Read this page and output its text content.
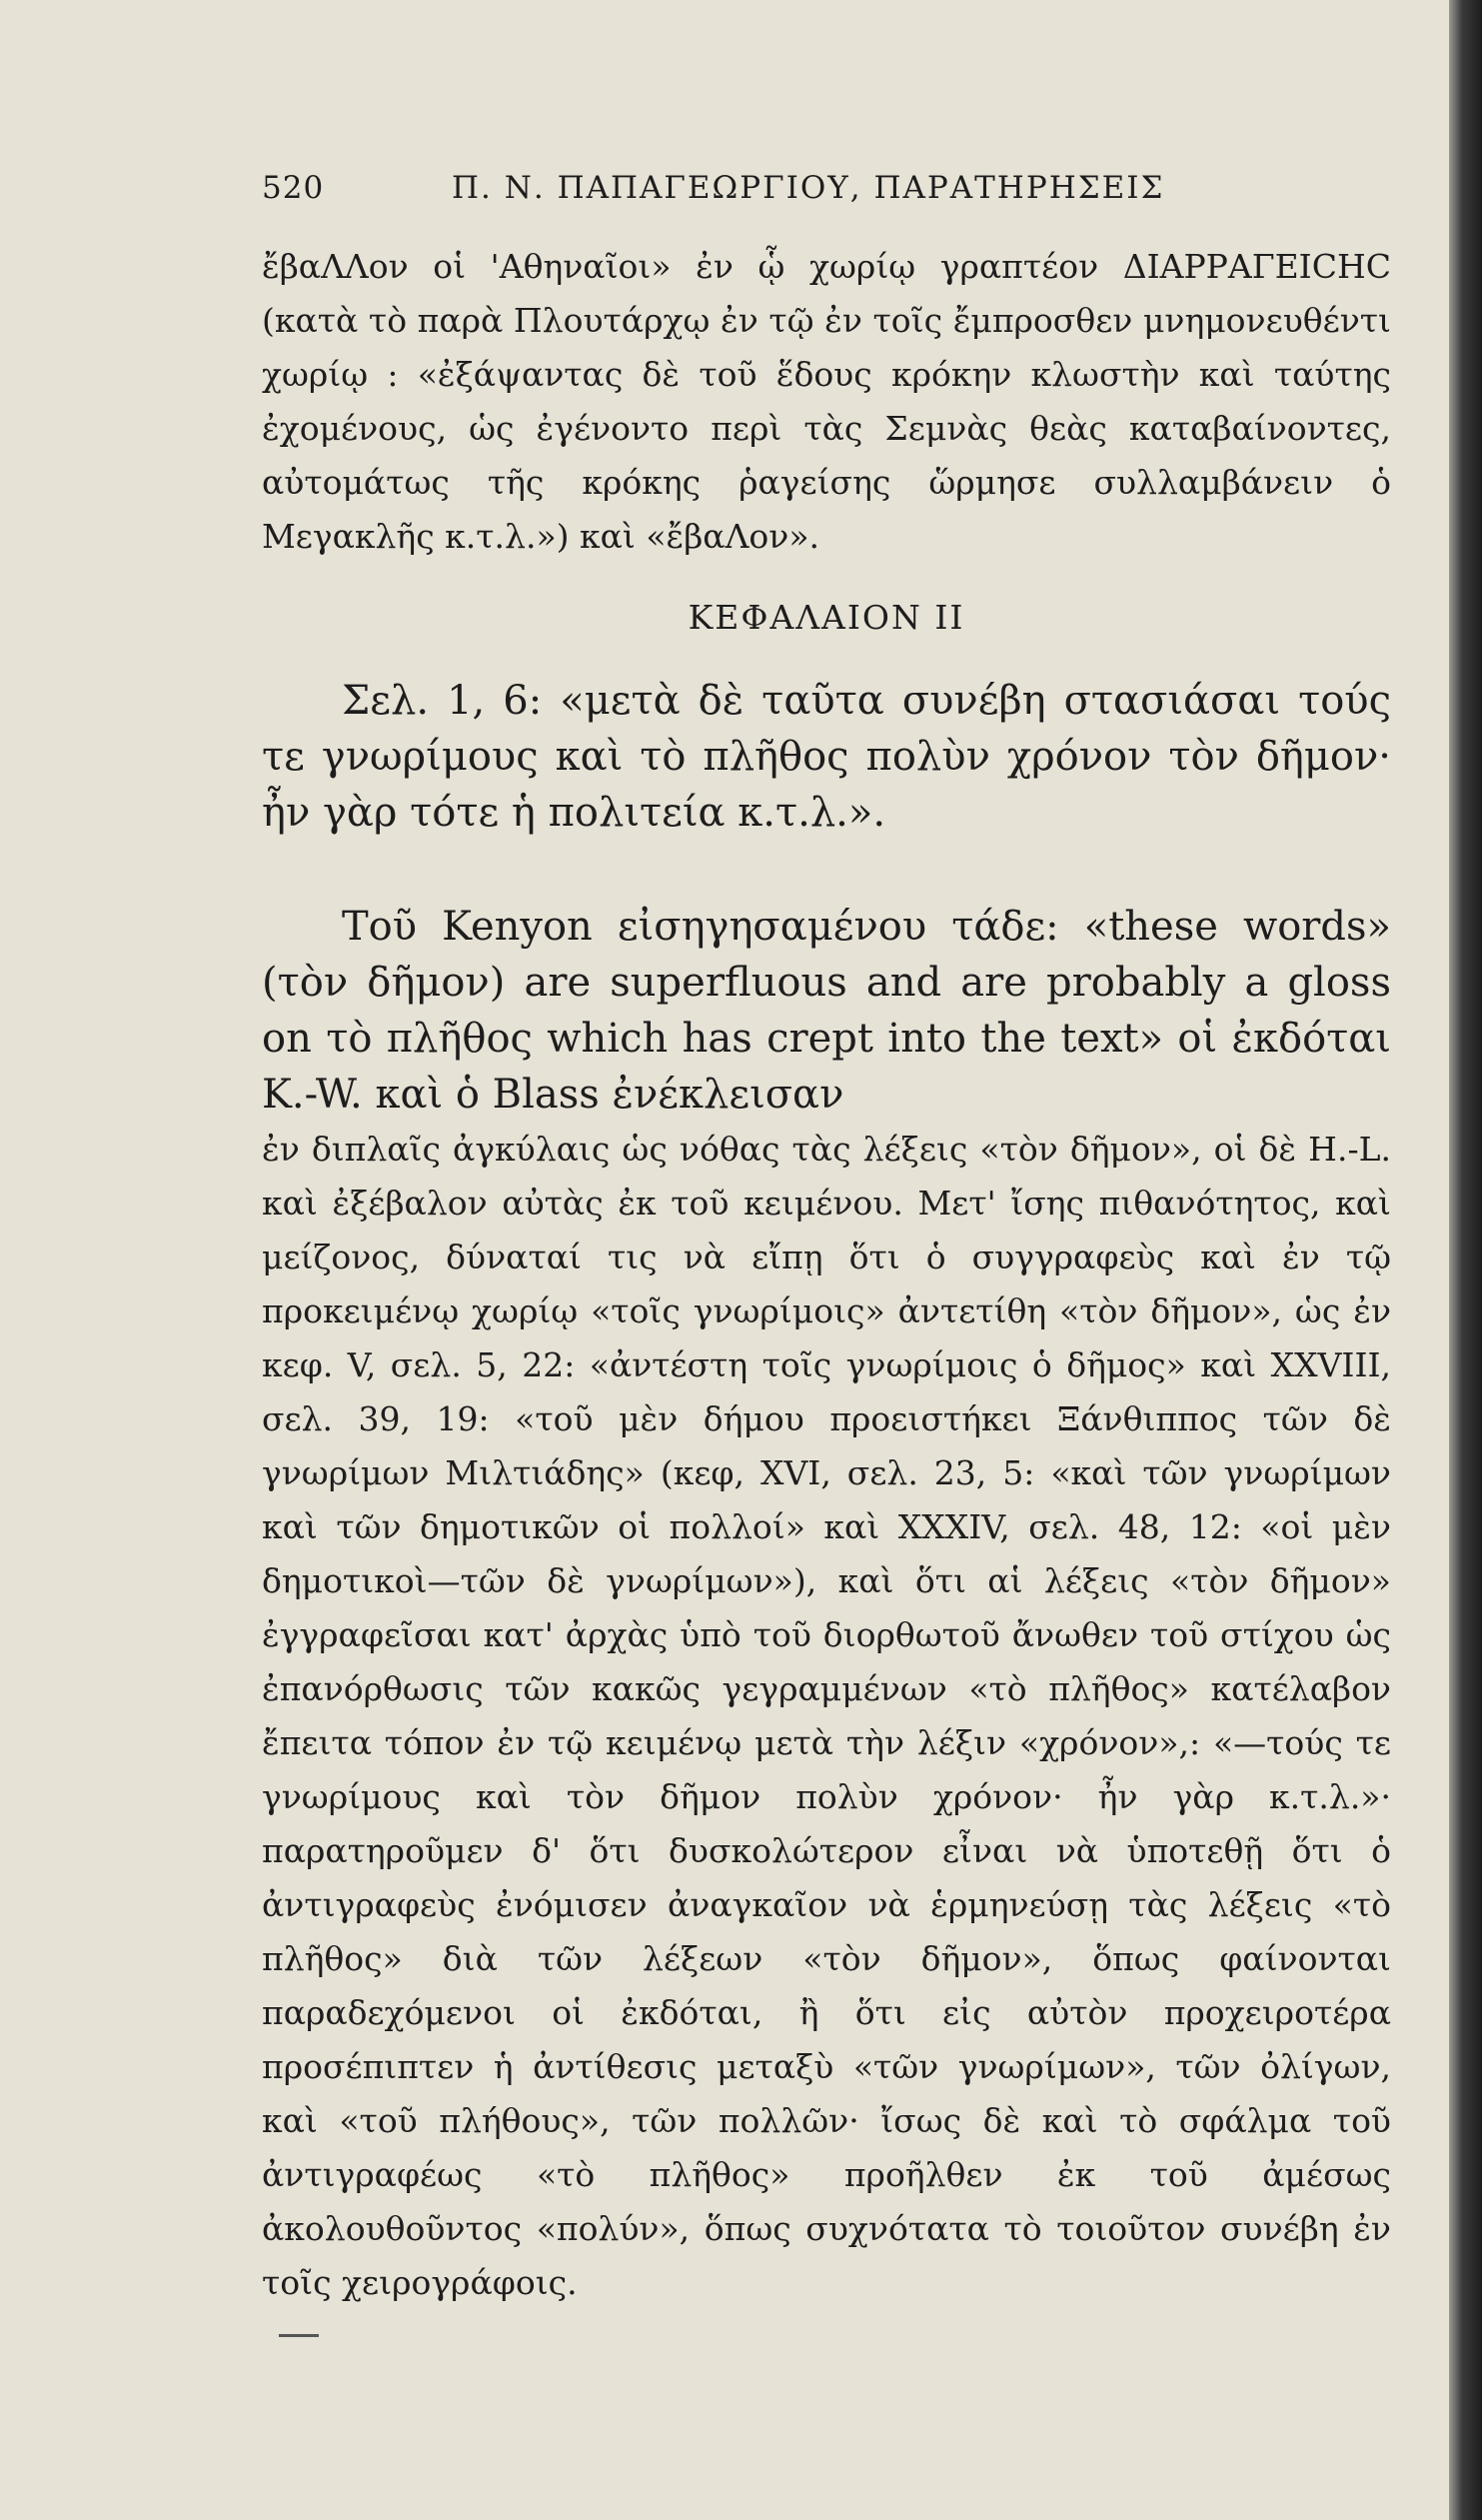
520	Π. Ν. ΠΑΠΑΓΕΩΡΓΙΟΥ, ΠΑΡΑΤΗΡΗΣΕΙΣ

ἔβαΛΛον οἱ 'Αθηναῖοι» ἐν ᾧ χωρίῳ γραπτέον ΔΙΑΡΡΑΓΕΙCHC (κατὰ τὸ παρὰ Πλουτάρχῳ ἐν τῷ ἐν τοῖς ἔμπροσθεν μνημονευθέντι χωρίῳ : «ἐξάψαντας δὲ τοῦ ἕδους κρόκην κλωστὴν καὶ ταύτης ἐχομένους, ὡς ἐγένοντο περὶ τὰς Σεμνὰς θεὰς καταβαίνοντες, αὐτομάτως τῆς κρόκης ῥαγείσης ὥρμησε συλλαμβάνειν ὁ Μεγακλῆς κ.τ.λ.») καὶ «ἔβαΛον».

ΚΕΦΑΛΑΙΟΝ ΙΙ

Σελ. 1, 6: «μετὰ δὲ ταῦτα συνέβη στασιάσαι τούς τε γνωρίμους καὶ τὸ πλῆθος πολὺν χρόνον τὸν δῆμον· ἦν γὰρ τότε ἡ πολιτεία κ.τ.λ.».

Τοῦ Kenyon εἰσηγησαμένου τάδε: «these words» (τὸν δῆμον) are superfluous and are probably a gloss on τὸ πλῆθος which has crept into the text» οἱ ἐκδόται K.-W. καὶ ὁ Blass ἐνέκλεισαν

ἐν διπλαῖς ἀγκύλαις ὡς νόθας τὰς λέξεις «τὸν δῆμον», οἱ δὲ H.-L. καὶ ἐξέβαλον αὐτὰς ἐκ τοῦ κειμένου. Μετ' ἴσης πιθανότητος, καὶ μείζονος, δύναταί τις νὰ εἴπῃ ὅτι ὁ συγγραφεὺς καὶ ἐν τῷ προκειμένῳ χωρίῳ «τοῖς γνωρίμοις» ἀντετίθη «τὸν δῆμον», ὡς ἐν κεφ. V, σελ. 5, 22: «ἀντέστη τοῖς γνωρίμοις ὁ δῆμος» καὶ XXVIII, σελ. 39, 19: «τοῦ μὲν δήμου προειστήκει Ξάνθιππος τῶν δὲ γνωρίμων Μιλτιάδης» (κεφ, XVI, σελ. 23, 5: «καὶ τῶν γνωρίμων καὶ τῶν δημοτικῶν οἱ πολλοί» καὶ XXXIV, σελ. 48, 12: «οἱ μὲν δημοτικοὶ—τῶν δὲ γνωρίμων»), καὶ ὅτι αἱ λέξεις «τὸν δῆμον» ἐγγραφεῖσαι κατ' ἀρχὰς ὑπὸ τοῦ διορθωτοῦ ἄνωθεν τοῦ στίχου ὡς ἐπανόρθωσις τῶν κακῶς γεγραμμένων «τὸ πλῆθος» κατέλαβον ἔπειτα τόπον ἐν τῷ κειμένῳ μετὰ τὴν λέξιν «χρόνον»,: «—τούς τε γνωρίμους καὶ τὸν δῆμον πολὺν χρόνον· ἦν γὰρ κ.τ.λ.»· παρατηροῦμεν δ' ὅτι δυσκολώτερον εἶναι νὰ ὑποτεθῇ ὅτι ὁ ἀντιγραφεὺς ἐνόμισεν ἀναγκαῖον νὰ ἑρμηνεύσῃ τὰς λέξεις «τὸ πλῆθος» διὰ τῶν λέξεων «τὸν δῆμον», ὅπως φαίνονται παραδεχόμενοι οἱ ἐκδόται, ἢ ὅτι εἰς αὐτὸν προχειροτέρα προσέπιπτεν ἡ ἀντίθεσις μεταξὺ «τῶν γνωρίμων», τῶν ὀλίγων, καὶ «τοῦ πλήθους», τῶν πολλῶν· ἴσως δὲ καὶ τὸ σφάλμα τοῦ ἀντιγραφέως «τὸ πλῆθος» προῆλθεν ἐκ τοῦ ἀμέσως ἀκολουθοῦντος «πολύν», ὅπως συχνότατα τὸ τοιοῦτον συνέβη ἐν τοῖς χειρογράφοις.
